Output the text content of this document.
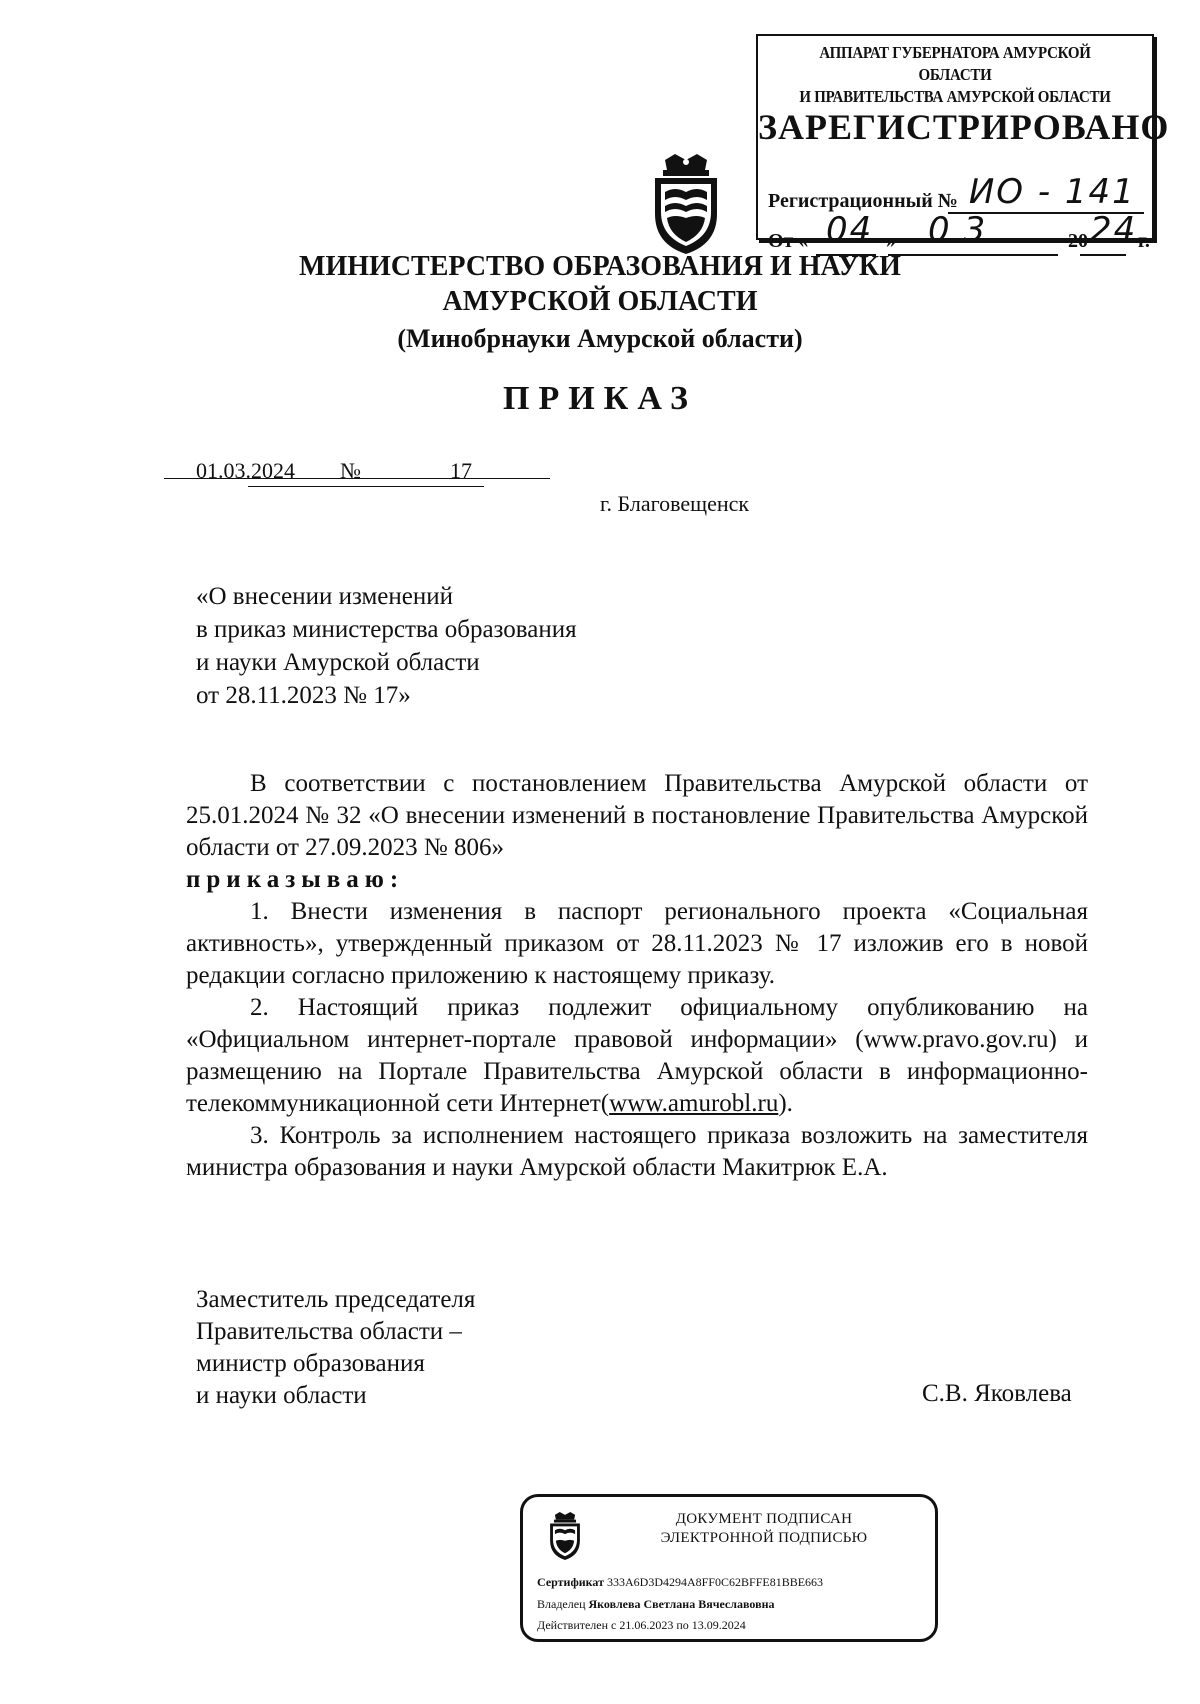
АППАРАТ ГУБЕРНАТОРА АМУРСКОЙ ОБЛАСТИ
И ПРАВИТЕЛЬСТВА АМУРСКОЙ ОБЛАСТИ
ЗАРЕГИСТРИРОВАНО
Регистрационный № ИО - 141
От « 04 » 03	20 24 г.
МИНИСТЕРСТВО ОБРАЗОВАНИЯ И НАУКИ
АМУРСКОЙ ОБЛАСТИ
(Минобрнауки Амурской области)
ПРИКАЗ
01.03.2024 №	17
г. Благовещенск
«О внесении изменений
в приказ министерства образования
и науки Амурской области
от 28.11.2023 № 17»

В соответствии с постановлением Правительства Амурской области от 25.01.2024 № 32 «О внесении изменений в постановление Правительства Амурской области от 27.09.2023 № 806»

приказываю:

1. Внести изменения в паспорт регионального проекта «Социальная активность», утвержденный приказом от 28.11.2023 № 17 изложив его в новой редакции согласно приложению к настоящему приказу.

2. Настоящий приказ подлежит официальному опубликованию на «Официальном интернет-портале правовой информации» (www.pravo.gov.ru) и размещению на Портале Правительства Амурской области в информационно-телекоммуникационной сети Интернет(www.amurobl.ru).

3. Контроль за исполнением настоящего приказа возложить на заместителя министра образования и науки Амурской области Макитрюк Е.А.

Заместитель председателя
Правительства области –
министр образования
и науки области	С.В. Яковлева
ДОКУМЕНТ ПОДПИСАН
ЭЛЕКТРОННОЙ ПОДПИСЬЮ
Сертификат 333A6D3D4294A8FF0C62BFFE81BBE663
Владелец Яковлева Светлана Вячеславовна
Действителен с 21.06.2023 по 13.09.2024
